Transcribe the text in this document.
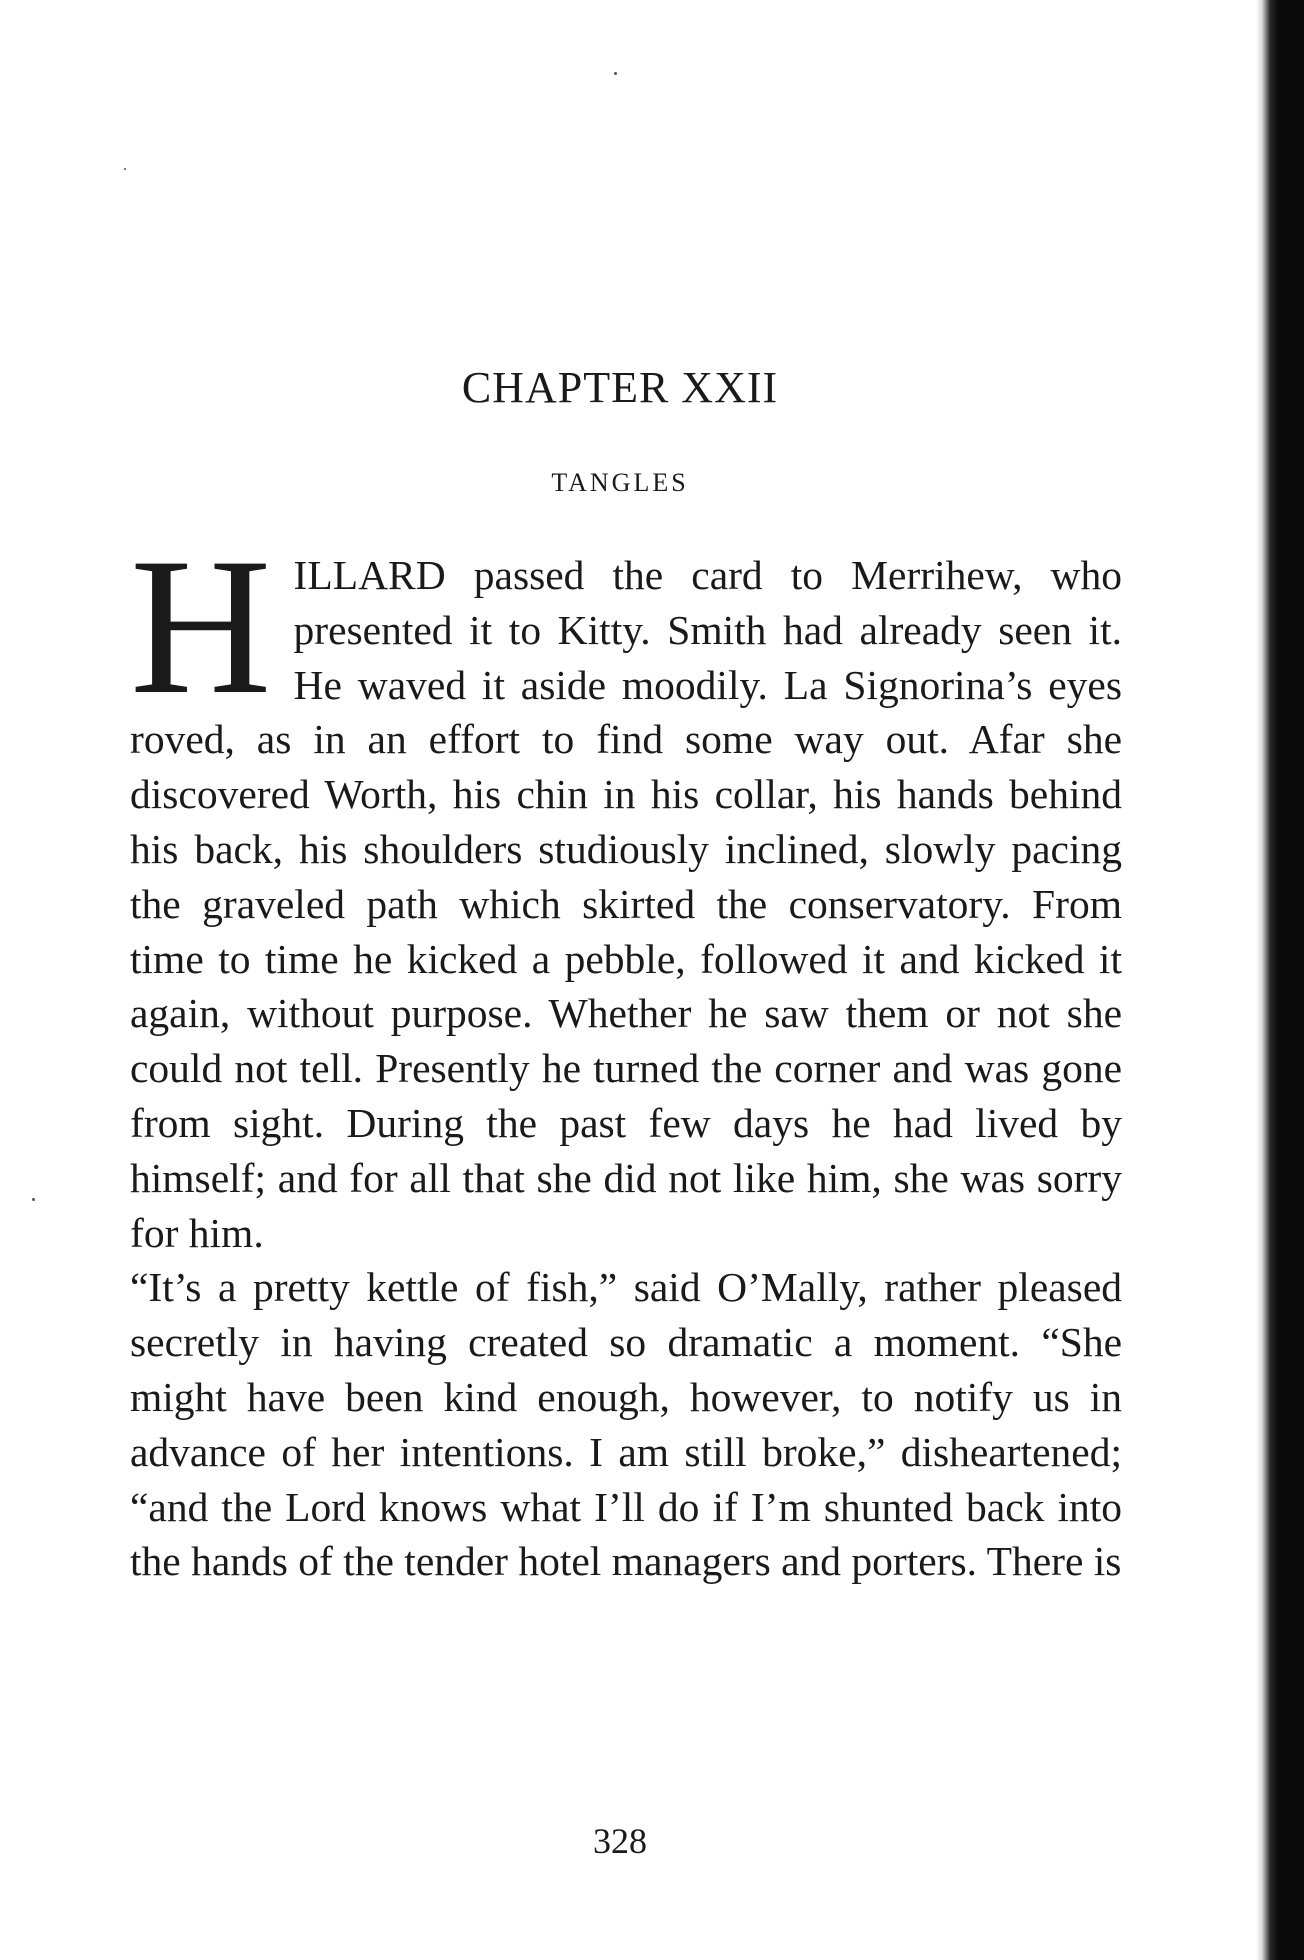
CHAPTER XXII
TANGLES
H ILLARD passed the card to Merrihew, who presented it to Kitty. Smith had already seen it. He waved it aside moodily. La Signorina’s eyes roved, as in an effort to find some way out. Afar she discovered Worth, his chin in his collar, his hands behind his back, his shoulders studiously inclined, slowly pacing the graveled path which skirted the conservatory. From time to time he kicked a pebble, followed it and kicked it again, without purpose. Whether he saw them or not she could not tell. Presently he turned the corner and was gone from sight. During the past few days he had lived by himself; and for all that she did not like him, she was sorry for him.

“It’s a pretty kettle of fish,” said O’Mally, rather pleased secretly in having created so dramatic a moment. “She might have been kind enough, however, to notify us in advance of her intentions. I am still broke,” disheartened; “and the Lord knows what I’ll do if I’m shunted back into the hands of the tender hotel managers and porters. There is

328
